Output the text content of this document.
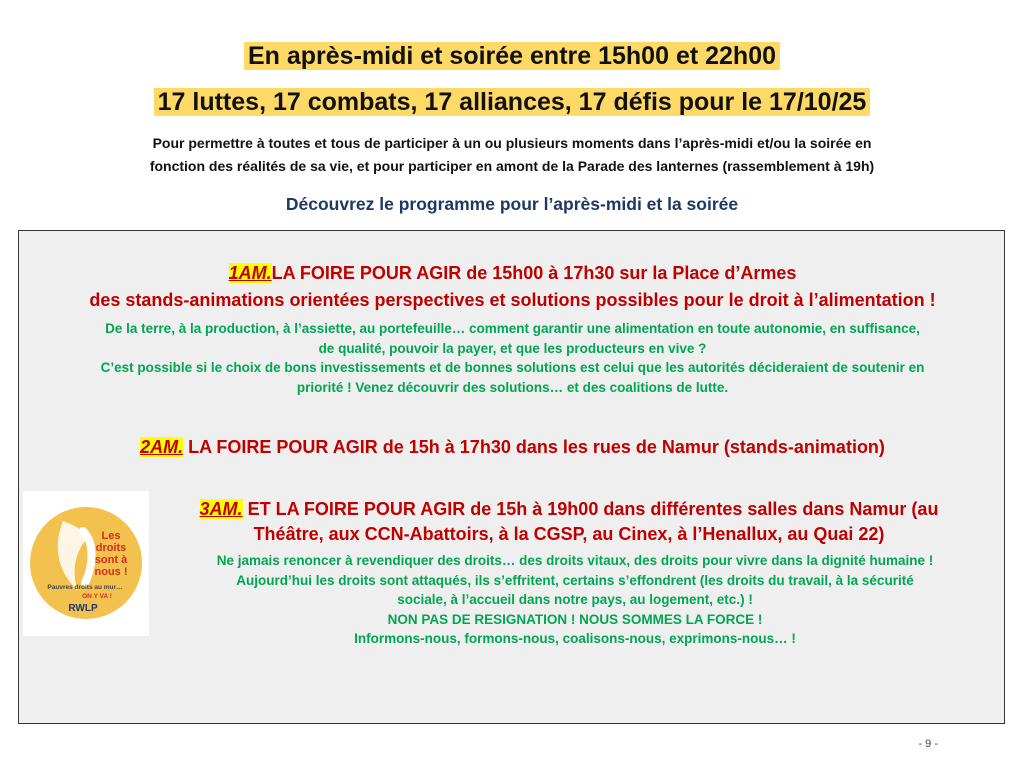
En après-midi et soirée entre 15h00 et 22h00
17 luttes, 17 combats, 17 alliances, 17 défis pour le 17/10/25
Pour permettre à toutes et tous de participer à un ou plusieurs moments dans l’après-midi et/ou la soirée en
fonction des réalités de sa vie, et pour participer en amont de la Parade des lanternes (rassemblement à 19h)
Découvrez le programme pour l’après-midi et la soirée
1AM.LA FOIRE POUR AGIR de 15h00 à 17h30 sur la Place d’Armes
des stands-animations orientées perspectives et solutions possibles pour le droit à l’alimentation !
De la terre, à la production, à l’assiette, au portefeuille… comment garantir une alimentation en toute autonomie, en suffisance,
de qualité, pouvoir la payer, et que les producteurs en vive ?
C’est possible si le choix de bons investissements et de bonnes solutions est celui que les autorités décideraient de soutenir en
priorité ! Venez découvrir des solutions… et des coalitions de lutte.
2AM. LA FOIRE POUR AGIR de 15h à 17h30 dans les rues de Namur (stands-animation)
3AM. ET LA FOIRE POUR AGIR de 15h à 19h00 dans différentes salles dans Namur (au
Théâtre, aux CCN-Abattoirs, à la CGSP, au Cinex, à l’Henallux, au Quai 22)
Ne jamais renoncer à revendiquer des droits… des droits vitaux, des droits pour vivre dans la dignité humaine !
Aujourd’hui les droits sont attaqués, ils s’effritent, certains s’effondrent (les droits du travail, à la sécurité
sociale, à l’accueil dans notre pays, au logement, etc.) !
NON PAS DE RESIGNATION ! NOUS SOMMES LA FORCE !
Informons-nous, formons-nous, coalisons-nous, exprimons-nous… !
Les
droits
sont à
nous !
Pauvres droits au mur…
ON Y VA !
RWLP
- 9 -
